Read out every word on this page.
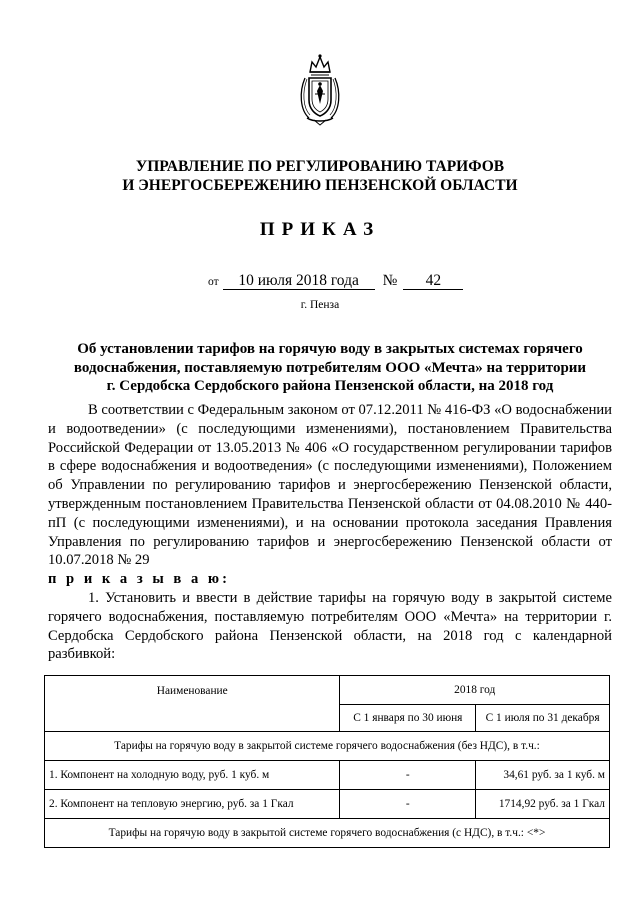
УПРАВЛЕНИЕ ПО РЕГУЛИРОВАНИЮ ТАРИФОВ
И ЭНЕРГОСБЕРЕЖЕНИЮ ПЕНЗЕНСКОЙ ОБЛАСТИ
ПРИКАЗ
от 10 июля 2018 года № 42
г. Пенза
Об установлении тарифов на горячую воду в закрытых системах горячего
водоснабжения, поставляемую потребителям ООО «Мечта» на территории
г. Сердобска Сердобского района Пензенской области, на 2018 год
В соответствии с Федеральным законом от 07.12.2011 № 416-ФЗ «О водоснабжении и водоотведении» (с последующими изменениями), постановлением Правительства Российской Федерации от 13.05.2013 № 406 «О государственном регулировании тарифов в сфере водоснабжения и водоотведения» (с последующими изменениями), Положением об Управлении по регулированию тарифов и энергосбережению Пензенской области, утвержденным постановлением Правительства Пензенской области от 04.08.2010 № 440-пП (с последующими изменениями), и на основании протокола заседания Правления Управления по регулированию тарифов и энергосбережению Пензенской области от 10.07.2018 № 29
п р и к а з ы в а ю:
1. Установить и ввести в действие тарифы на горячую воду в закрытой системе горячего водоснабжения, поставляемую потребителям ООО «Мечта» на территории г. Сердобска Сердобского района Пензенской области, на 2018 год с календарной разбивкой:
Наименование	2018 год	
	С 1 января по 30 июня	С 1 июля по 31 декабря
Тарифы на горячую воду в закрытой системе горячего водоснабжения (без НДС), в т.ч.:		
1. Компонент на холодную воду, руб. 1 куб. м	-	34,61 руб. за 1 куб. м
2. Компонент на тепловую энергию, руб. за 1 Гкал	-	1714,92 руб. за 1 Гкал
Тарифы на горячую воду в закрытой системе горячего водоснабжения (с НДС), в т.ч.: <*>		
